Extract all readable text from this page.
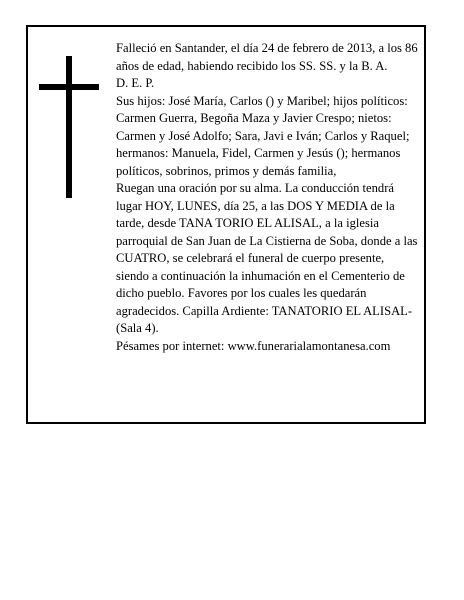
Falleció en Santander, el día 24 de febrero de 2013, a los 86 años de edad, habiendo recibido los SS. SS. y la B. A.

D. E. P.

Sus hijos: José María, Carlos () y Maribel; hijos políticos: Carmen Guerra, Begoña Maza y Javier Crespo; nietos: Carmen y José Adolfo; Sara, Javi e Iván; Carlos y Raquel; hermanos: Manuela, Fidel, Carmen y Jesús (); hermanos políticos, sobrinos, primos y demás familia,

Ruegan una oración por su alma. La conducción tendrá lugar HOY, LUNES, día 25, a las DOS Y MEDIA de la tarde, desde TANA TORIO EL ALISAL, a la iglesia parroquial de San Juan de La Cistierna de Soba, donde a las CUATRO, se celebrará el funeral de cuerpo presente, siendo a continuación la inhumación en el Cementerio de dicho pueblo. Favores por los cuales les quedarán agradecidos. Capilla Ardiente: TANATORIO EL ALISAL-(Sala 4).

Pésames por internet: www.funerarialamontanesa.com
